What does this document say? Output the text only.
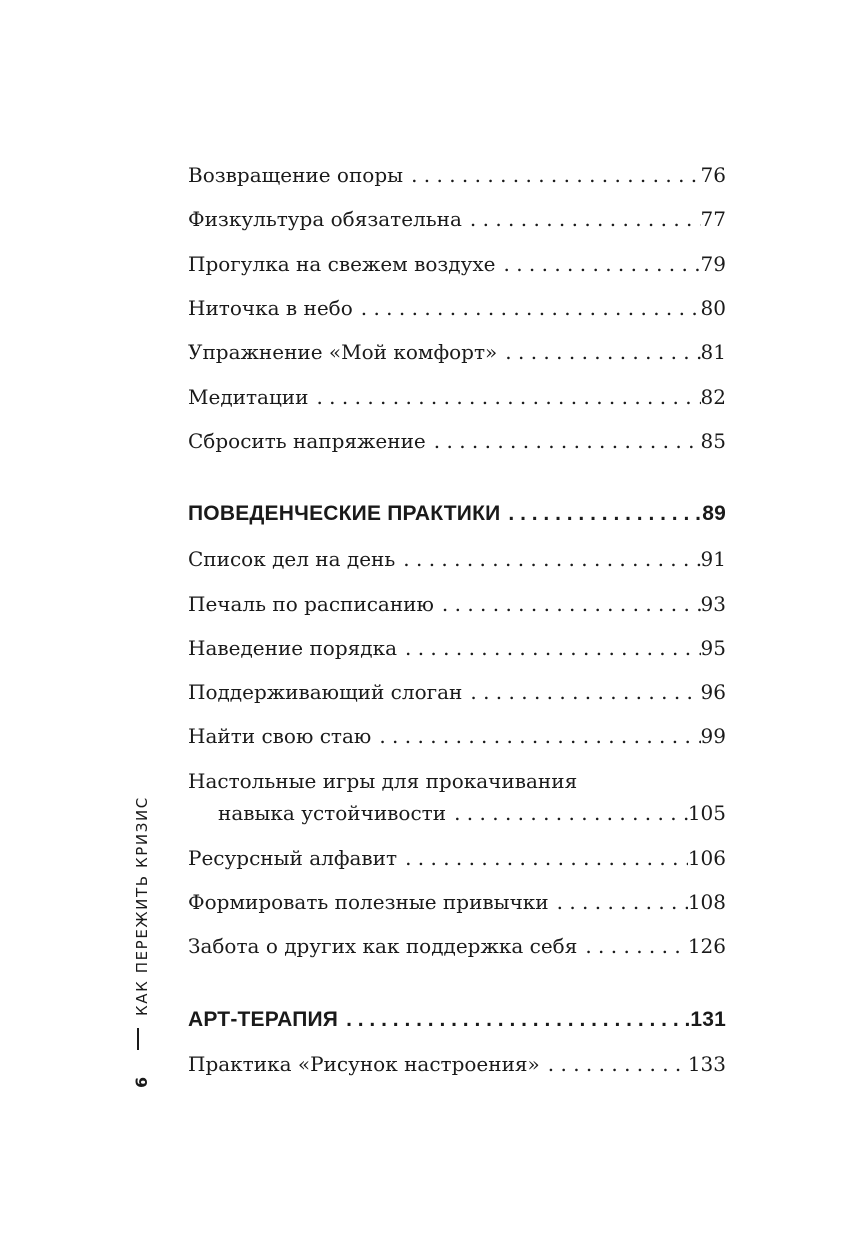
Возвращение опоры . . .	76
Физкультура обязательна . . .	77
Прогулка на свежем воздухе . . .	79
Ниточка в небо . . .	80
Упражнение «Мой комфорт» . . .	81
Медитации . . .	82
Сбросить напряжение . . .	85
ПОВЕДЕНЧЕСКИЕ ПРАКТИКИ . . .	89
Список дел на день . . .	91
Печаль по расписанию . . .	93
Наведение порядка . . .	95
Поддерживающий слоган . . .	96
Найти свою стаю . . .	99
Настольные игры для прокачивания
навыка устойчивости . . .	105
Ресурсный алфавит . . .	106
Формировать полезные привычки . . .	108
Забота о других как поддержка себя . . .	126
АРТ-ТЕРАПИЯ . . .	131
Практика «Рисунок настроения» . . .	133
КАК ПЕРЕЖИТЬ КРИЗИС
6
